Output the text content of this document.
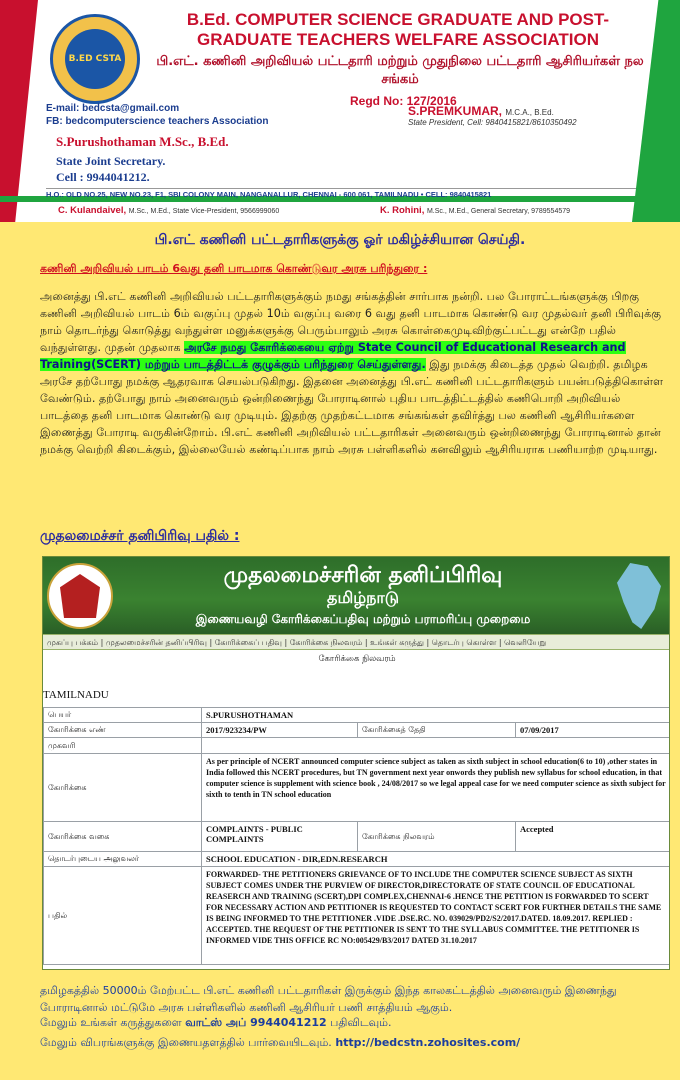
B.ED CSTA
B.Ed. COMPUTER SCIENCE GRADUATE AND POST-GRADUATE TEACHERS WELFARE ASSOCIATION
பி.எட். கணினி அறிவியல் பட்டதாரி மற்றும் முதுநிலை பட்டதாரி ஆசிரியர்கள் நல சங்கம்
Regd No: 127/2016
E-mail: bedcsta@gmail.com
FB: bedcomputerscience teachers Association
S.PREMKUMAR, M.C.A., B.Ed.
State President, Cell: 9840415821/8610350492
S.Purushothaman M.Sc., B.Ed.
State Joint Secretary.
Cell : 9944041212.
H.O.: OLD NO.25, NEW NO.23, F1, SBI COLONY MAIN, NANGANALLUR, CHENNAI - 600 061, TAMILNADU • CELL: 9840415821
C. Kulandaivel, M.Sc., M.Ed., State Vice-President, 9566999060	K. Rohini, M.Sc., M.Ed., General Secretary, 9789554579
பி.எட் கணினி பட்டதாரிகளுக்கு ஓர் மகிழ்ச்சியான செய்தி.
கணினி அறிவியல் பாடம் 6வது தனி பாடமாக கொண்டுவர அரசு பரிந்துரை :
அனைத்து பி.எட் கணினி அறிவியல் பட்டதாரிகளுக்கும் நமது சங்கத்தின் சார்பாக நன்றி. பல போராட்டங்களுக்கு பிறகு கணினி அறிவியல் பாடம் 6ம் வகுப்பு முதல் 10ம் வகுப்பு வரை 6 வது தனி பாடமாக கொண்டு வர முதல்வர் தனி பிரிவுக்கு நாம் தொடர்ந்து கொடுத்து வந்துள்ள மனுக்களுக்கு பெரும்பாலும் அரசு கொள்கைமுடிவிற்குட்பட்டது என்றே பதில் வந்துள்ளது. முதன் முதலாக அரசே நமது கோரிக்கையை ஏற்று State Council of Educational Research and Training(SCERT) மற்றும் பாடத்திட்டக் குழுக்கும் பரிந்துரை செய்துள்ளது. இது நமக்கு கிடைத்த முதல் வெற்றி. தமிழக அரசே தற்போது நமக்கு ஆதரவாக செயல்படுகிறது. இதனை அனைத்து பி.எட் கணினி பட்டதாரிகளும் பயன்படுத்திகொள்ள வேண்டும். தற்போது நாம் அனைவரும் ஒன்றிணைந்து போராடினால் புதிய பாடத்திட்டத்தில் கணிபொறி அறிவியல் பாடத்தை தனி பாடமாக கொண்டு வர முடியும். இதற்கு முதற்கட்டமாக சங்கங்கள் தவிர்த்து பல கணினி ஆசிரியர்களை இணைத்து போராடி வருகின்றோம். பி.எட் கணினி அறிவியல் பட்டதாரிகள் அனைவரும் ஒன்றிணைந்து போராடினால் தான் நமக்கு வெற்றி கிடைக்கும், இல்லையேல் கண்டிப்பாக நாம் அரசு பள்ளிகளில் கனவிலும் ஆசிரியராக பணியாற்ற முடியாது.
முதலமைச்சர் தனிபிரிவு பதில் :
முதலமைச்சரின் தனிப்பிரிவு
தமிழ்நாடு
இணையவழி கோரிக்கைப்பதிவு மற்றும் பராமரிப்பு முறைமை
முகப்பு பக்கம் | முதலமைச்சரின் தனிப்பிரிவு | கோரிக்கைப் பதிவு | கோரிக்கை நிலவரம் | உங்கள் கருத்து | தொடர்பு கொள்ள | வெளியேறு
கோரிக்கை நிலவரம்
TAMILNADU
பெயர்	S.PURUSHOTHAMAN		
கோரிக்கை எண்	2017/923234/PW	கோரிக்கைத் தேதி	07/09/2017
முகவரி			
கோரிக்கை	As per principle of NCERT announced computer science subject as taken as sixth subject in school education(6 to 10) ,other states in India followed this NCERT procedures, but TN government next year onwords they publish new syllabus for school education, in that computer science is supplement with science book , 24/08/2017 so we legal appeal case for we need computer science as sixth subject for sixth to tenth in TN school education		
கோரிக்கை வகை	COMPLAINTS - PUBLIC COMPLAINTS	கோரிக்கை நிலவரம்	Accepted
தொடர்புடைய அலுவலர்	SCHOOL EDUCATION - DIR,EDN.RESEARCH		
பதில்	FORWARDED- THE PETITIONERS GRIEVANCE OF TO INCLUDE THE COMPUTER SCIENCE SUBJECT AS SIXTH SUBJECT COMES UNDER THE PURVIEW OF DIRECTOR,DIRECTORATE OF STATE COUNCIL OF EDUCATIONAL REASERCH AND TRAINING (SCERT),DPI COMPLEX,CHENNAI-6 .HENCE THE PETITION IS FORWARDED TO SCERT FOR NECESSARY ACTION AND PETITIONER IS REQUESTED TO CONTACT SCERT FOR FURTHER DETAILS THE SAME IS BEING INFORMED TO THE PETITIONER .VIDE .DSE.RC. NO. 039029/PD2/S2/2017.DATED. 18.09.2017. REPLIED : ACCEPTED. THE REQUEST OF THE PETITIONER IS SENT TO THE SYLLABUS COMMITTEE. THE PETITIONER IS INFORMED VIDE THIS OFFICE RC NO:005429/B3/2017 DATED 31.10.2017		
தமிழகத்தில் 50000ம் மேற்பட்ட பி.எட் கணினி பட்டதாரிகள் இருக்கும் இந்த காலகட்டத்தில் அனைவரும் இணைந்து போராடினால் மட்டுமே அரசு பள்ளிகளில் கணினி ஆசிரியர் பணி சாத்தியம் ஆகும்.
மேலும் உங்கள் கருத்துகளை வாட்ஸ் அப் 9944041212 பதிவிடவும்.
மேலும் விபரங்களுக்கு இணையதளத்தில் பார்வையிடவும். http://bedcstn.zohosites.com/
